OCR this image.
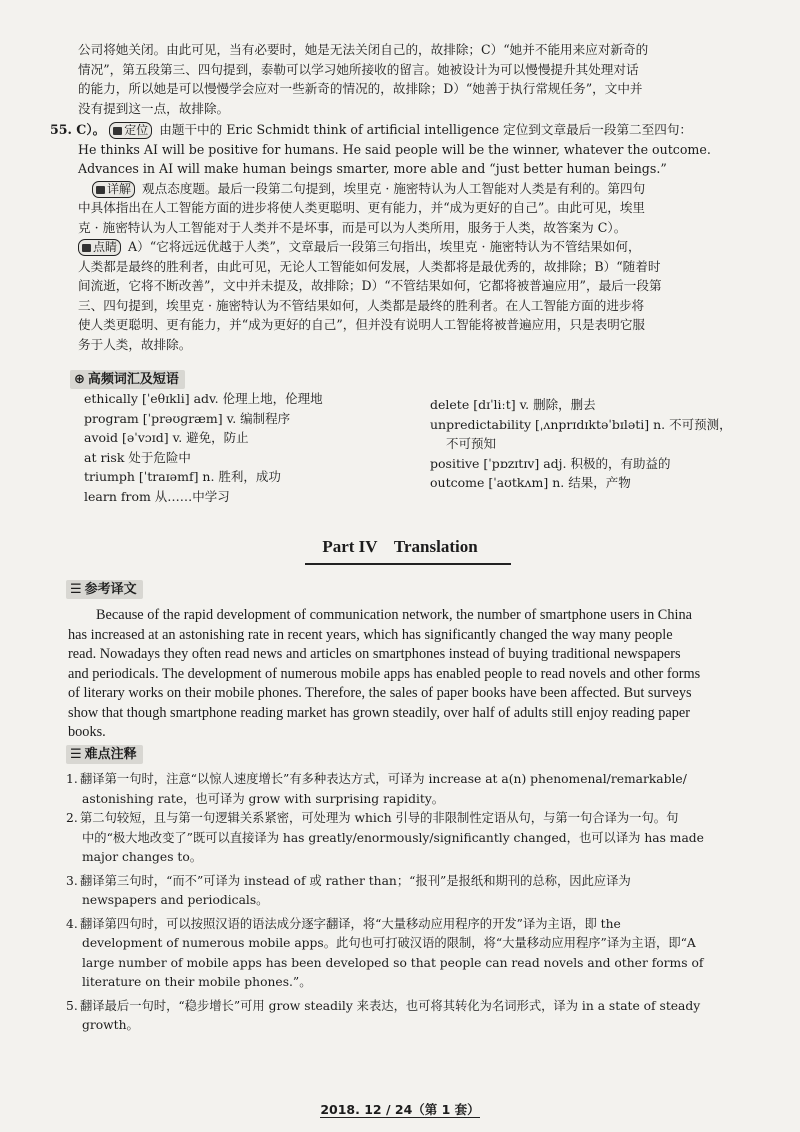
公司将她关闭。由此可见，当有必要时，她是无法关闭自己的，故排除；C）“她并不能用来应对新奇的
情况”，第五段第三、四句提到，泰勒可以学习她所接收的留言。她被设计为可以慢慢提升其处理对话
的能力，所以她是可以慢慢学会应对一些新奇的情况的，故排除；D）“她善于执行常规任务”，文中并
没有提到这一点，故排除。
55. C）。 定位 由题干中的 Eric Schmidt think of artificial intelligence 定位到文章最后一段第二至四句：
He thinks AI will be positive for humans. He said people will be the winner, whatever the outcome.
Advances in AI will make human beings smarter, more able and “just better human beings.”
详解 观点态度题。最后一段第二句提到，埃里克 · 施密特认为人工智能对人类是有利的。第四句
中具体指出在人工智能方面的进步将使人类更聪明、更有能力，并“成为更好的自己”。由此可见，埃里
克 · 施密特认为人工智能对于人类并不是坏事，而是可以为人类所用，服务于人类，故答案为 C）。
点睛 A）“它将远远优越于人类”，文章最后一段第三句指出，埃里克 · 施密特认为不管结果如何，
人类都是最终的胜利者，由此可见，无论人工智能如何发展，人类都将是最优秀的，故排除；B）“随着时
间流逝，它将不断改善”，文中并未提及，故排除；D）“不管结果如何，它都将被普遍应用”，最后一段第
三、四句提到，埃里克 · 施密特认为不管结果如何，人类都是最终的胜利者。在人工智能方面的进步将
使人类更聪明、更有能力，并“成为更好的自己”，但并没有说明人工智能将被普遍应用，只是表明它服
务于人类，故排除。
⊕ 高频词汇及短语
ethically [ˈeθɪkli] adv. 伦理上地，伦理地
program [ˈprəʊɡræm] v. 编制程序
avoid [əˈvɔɪd] v. 避免，防止
at risk 处于危险中
triumph [ˈtraɪəmf] n. 胜利，成功
learn from 从……中学习
delete [dɪˈliːt] v. 删除，删去
unpredictability [ˌʌnprɪdɪktəˈbɪləti] n. 不可预测，
不可预知
positive [ˈpɒzɪtɪv] adj. 积极的，有助益的
outcome [ˈaʊtkʌm] n. 结果，产物
Part IV    Translation
☰ 参考译文
Because of the rapid development of communication network, the number of smartphone users in China
has increased at an astonishing rate in recent years, which has significantly changed the way many people
read. Nowadays they often read news and articles on smartphones instead of buying traditional newspapers
and periodicals. The development of numerous mobile apps has enabled people to read novels and other forms
of literary works on their mobile phones. Therefore, the sales of paper books have been affected. But surveys
show that though smartphone reading market has grown steadily, over half of adults still enjoy reading paper
books.
☰ 难点注释
1. 翻译第一句时，注意“以惊人速度增长”有多种表达方式，可译为 increase at a(n) phenomenal/remarkable/
astonishing rate，也可译为 grow with surprising rapidity。
2. 第二句较短，且与第一句逻辑关系紧密，可处理为 which 引导的非限制性定语从句，与第一句合译为一句。句
中的“极大地改变了”既可以直接译为 has greatly/enormously/significantly changed，也可以译为 has made
major changes to。
3. 翻译第三句时，“而不”可译为 instead of 或 rather than；“报刊”是报纸和期刊的总称，因此应译为
newspapers and periodicals。
4. 翻译第四句时，可以按照汉语的语法成分逐字翻译，将“大量移动应用程序的开发”译为主语，即 the
development of numerous mobile apps。此句也可打破汉语的限制，将“大量移动应用程序”译为主语，即“A
large number of mobile apps has been developed so that people can read novels and other forms of
literature on their mobile phones.”。
5. 翻译最后一句时，“稳步增长”可用 grow steadily 来表达，也可将其转化为名词形式，译为 in a state of steady
growth。
2018. 12 / 24（第 1 套）
